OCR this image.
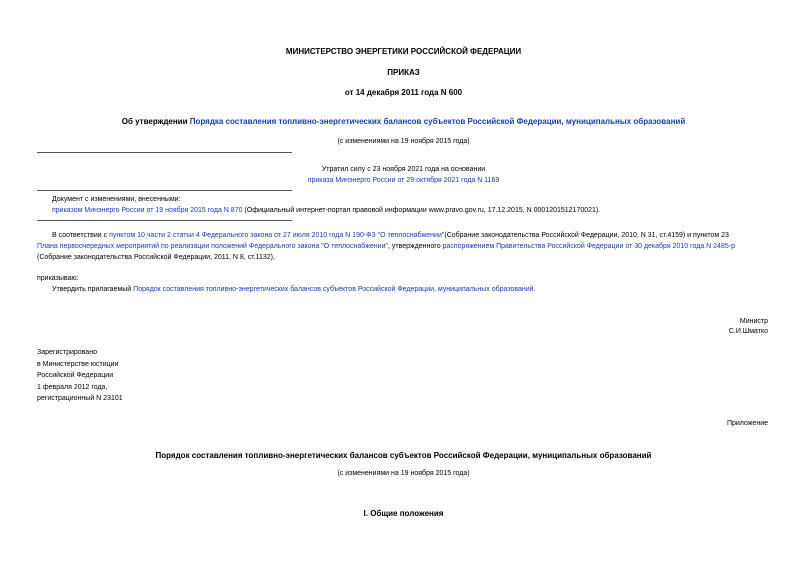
МИНИСТЕРСТВО ЭНЕРГЕТИКИ РОССИЙСКОЙ ФЕДЕРАЦИИ
ПРИКАЗ
от 14 декабря 2011 года N 600
Об утверждении Порядка составления топливно-энергетических балансов субъектов Российской Федерации, муниципальных образований
(с изменениями на 19 ноября 2015 года)
Утратил силу с 23 ноября 2021 года на основании
приказа Минэнерго России от 29 октября 2021 года N 1169
Документ с изменениями, внесенными:
приказом Минэнерго России от 19 ноября 2015 года N 870 (Официальный интернет-портал правовой информации www.pravo.gov.ru, 17.12.2015, N 0001201512170021).
В соответствии с пунктом 10 части 2 статьи 4 Федерального закона от 27 июля 2010 года N 190-ФЗ "О теплоснабжении"(Собрание законодательства Российской Федерации, 2010, N 31, ст.4159) и пунктом 23
Плана первоочередных мероприятий по реализации положений Федерального закона "О теплоснабжении", утвержденного распоряжением Правительства Российской Федерации от 30 декабря 2010 года N 2485-р
(Собрание законодательства Российской Федерации, 2011, N 8, ст.1132),
приказываю:
Утвердить прилагаемый Порядок составления топливно-энергетических балансов субъектов Российской Федерации, муниципальных образований.
Министр
С.И.Шматко
Зарегистрировано
в Министерстве юстиции
Российской Федерации
1 февраля 2012 года,
регистрационный N 23101
Приложение
Порядок составления топливно-энергетических балансов субъектов Российской Федерации, муниципальных образований
(с изменениями на 19 ноября 2015 года)
I. Общие положения
